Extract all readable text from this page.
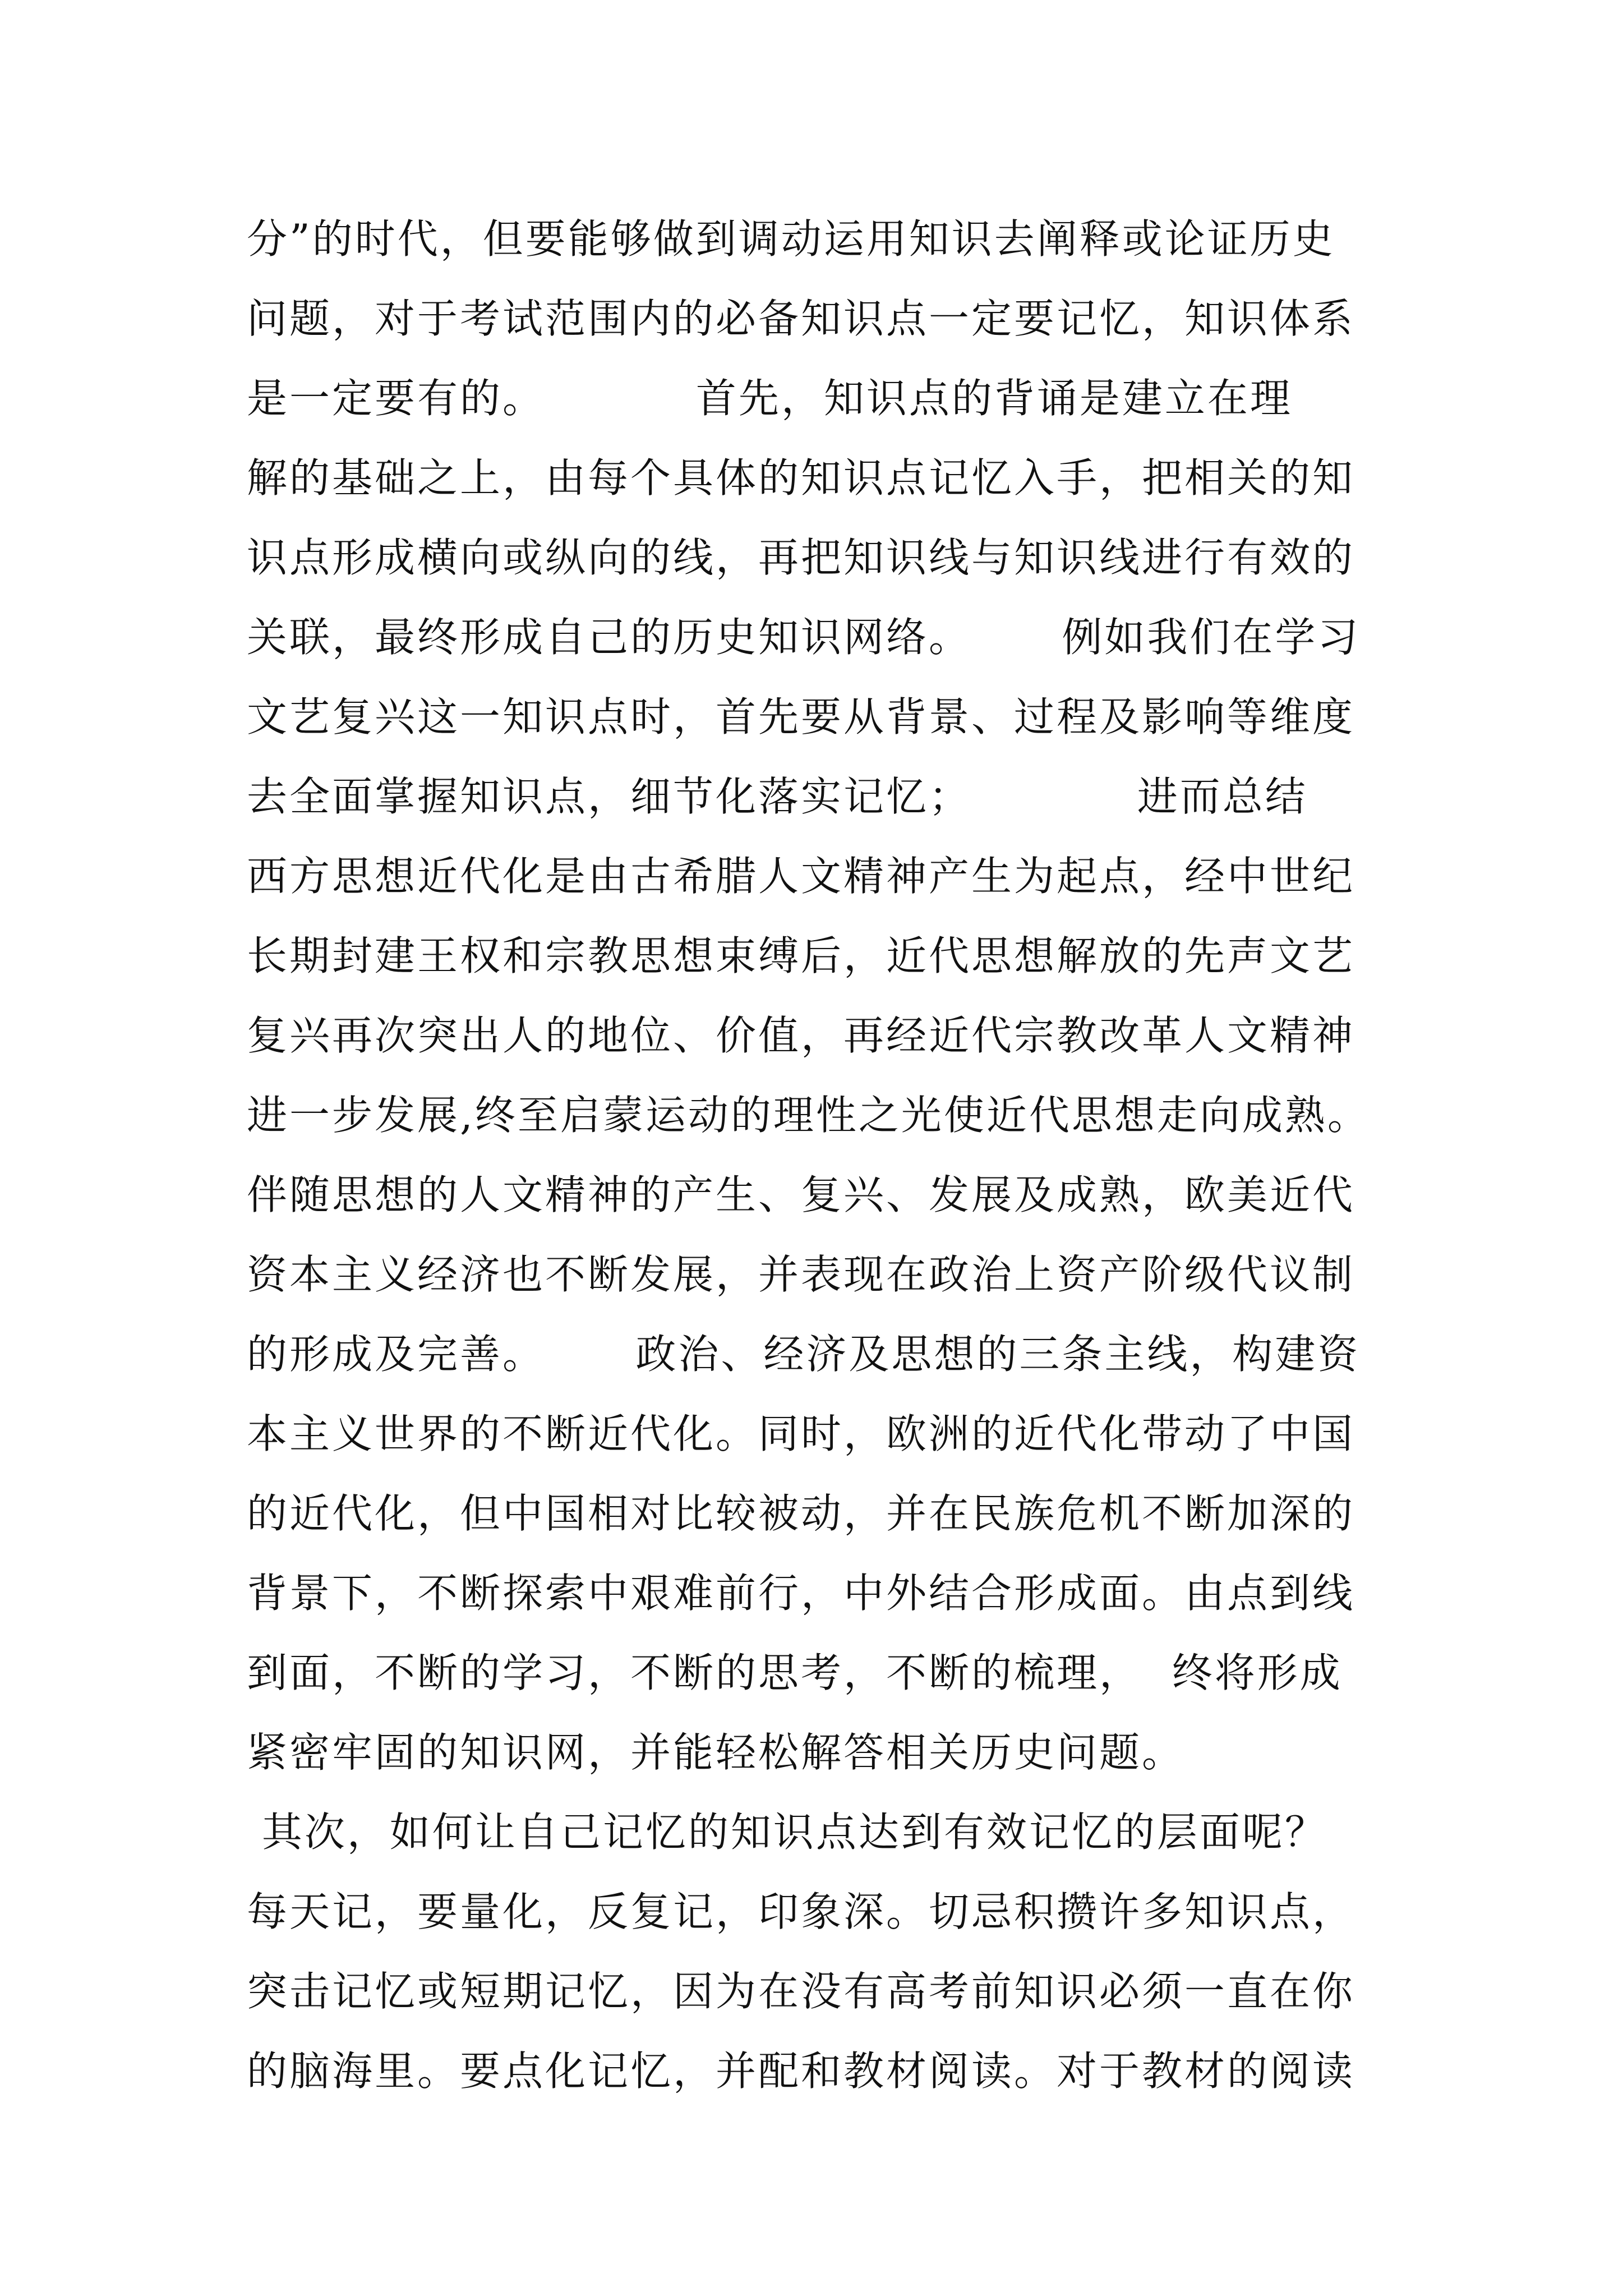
分”的时代，但要能够做到调动运用知识去阐释或论证历史
问题，对于考试范围内的必备知识点一定要记忆，知识体系
是一定要有的。          首先，知识点的背诵是建立在理
解的基础之上，由每个具体的知识点记忆入手，把相关的知
识点形成横向或纵向的线，再把知识线与知识线进行有效的
关联，最终形成自己的历史知识网络。      例如我们在学习
文艺复兴这一知识点时，首先要从背景、过程及影响等维度
去全面掌握知识点，细节化落实记忆；           进而总结
西方思想近代化是由古希腊人文精神产生为起点，经中世纪
长期封建王权和宗教思想束缚后，近代思想解放的先声文艺
复兴再次突出人的地位、价值，再经近代宗教改革人文精神
进一步发展,终至启蒙运动的理性之光使近代思想走向成熟。
伴随思想的人文精神的产生、复兴、发展及成熟，欧美近代
资本主义经济也不断发展，并表现在政治上资产阶级代议制
的形成及完善。      政治、经济及思想的三条主线，构建资
本主义世界的不断近代化。同时，欧洲的近代化带动了中国
的近代化，但中国相对比较被动，并在民族危机不断加深的
背景下，不断探索中艰难前行，中外结合形成面。由点到线
到面，不断的学习，不断的思考，不断的梳理，  终将形成
紧密牢固的知识网，并能轻松解答相关历史问题。
其次，如何让自己记忆的知识点达到有效记忆的层面呢？
每天记，要量化，反复记，印象深。切忌积攒许多知识点，
突击记忆或短期记忆，因为在没有高考前知识必须一直在你
的脑海里。要点化记忆，并配和教材阅读。对于教材的阅读
